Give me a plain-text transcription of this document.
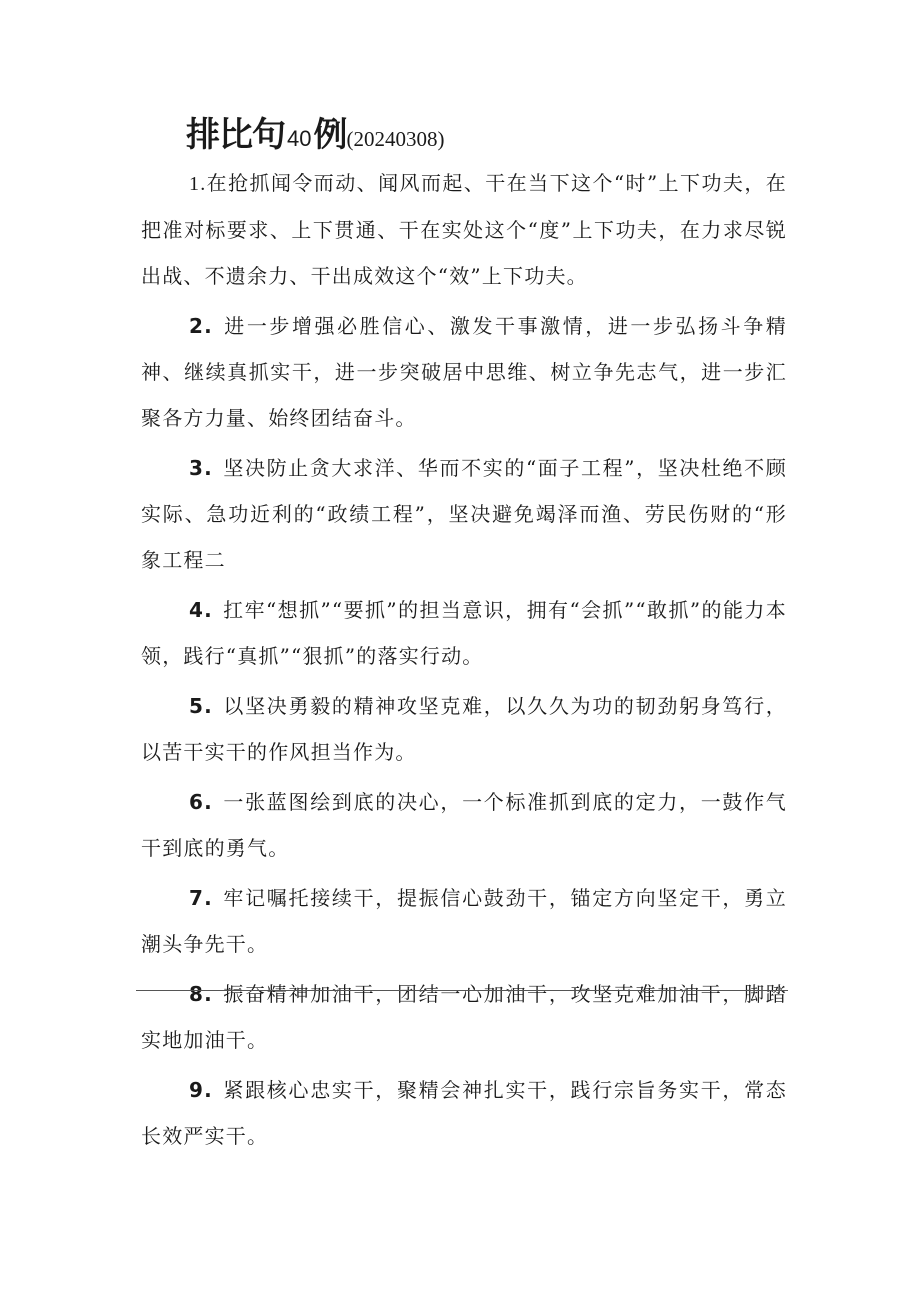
排比句40例(20240308)

1.在抢抓闻令而动、闻风而起、干在当下这个“时”上下功夫，在把准对标要求、上下贯通、干在实处这个“度”上下功夫，在力求尽锐出战、不遗余力、干出成效这个“效”上下功夫。

2. 进一步增强必胜信心、激发干事激情，进一步弘扬斗争精神、继续真抓实干，进一步突破居中思维、树立争先志气，进一步汇聚各方力量、始终团结奋斗。

3. 坚决防止贪大求洋、华而不实的“面子工程”，坚决杜绝不顾实际、急功近利的“政绩工程”，坚决避免竭泽而渔、劳民伤财的“形象工程二

4. 扛牢“想抓”“要抓”的担当意识，拥有“会抓”“敢抓”的能力本领，践行“真抓”“狠抓”的落实行动。

5. 以坚决勇毅的精神攻坚克难，以久久为功的韧劲躬身笃行，以苦干实干的作风担当作为。

6. 一张蓝图绘到底的决心，一个标准抓到底的定力，一鼓作气干到底的勇气。

7. 牢记嘱托接续干，提振信心鼓劲干，锚定方向坚定干，勇立潮头争先干。

8. 振奋精神加油干，团结一心加油干，攻坚克难加油干，脚踏实地加油干。

9. 紧跟核心忠实干，聚精会神扎实干，践行宗旨务实干，常态长效严实干。
